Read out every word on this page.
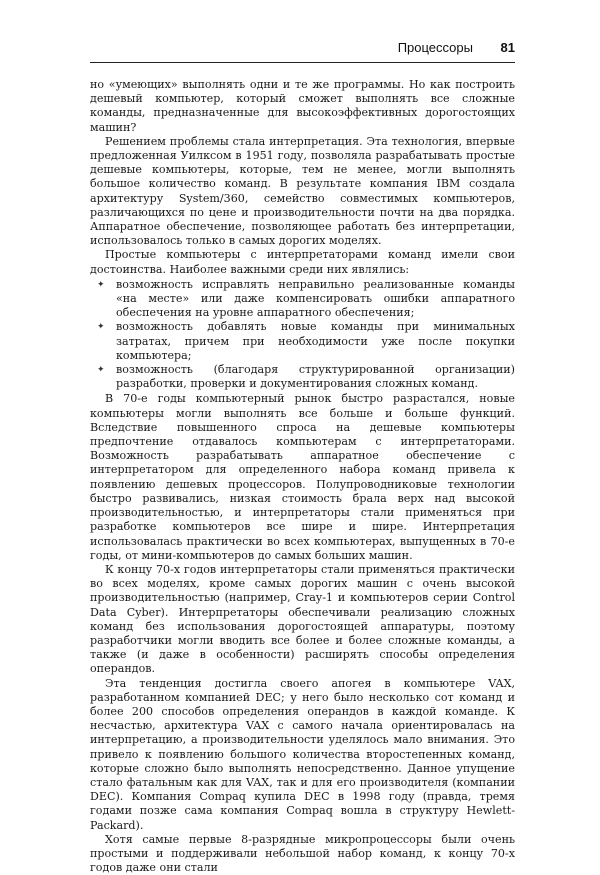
Процессоры 81

но «умеющих» выполнять одни и те же программы. Но как построить дешевый компьютер, который сможет выполнять все сложные команды, предназначенные для высокоэффективных дорогостоящих машин?

Решением проблемы стала интерпретация. Эта технология, впервые предложенная Уилксом в 1951 году, позволяла разрабатывать простые дешевые компьютеры, которые, тем не менее, могли выполнять большое количество команд. В результате компания IBM создала архитектуру System/360, семейство совместимых компьютеров, различающихся по цене и производительности почти на два порядка. Аппаратное обеспечение, позволяющее работать без интерпретации, использовалось только в самых дорогих моделях.

Простые компьютеры с интерпретаторами команд имели свои достоинства. Наиболее важными среди них являлись:

✦ возможность исправлять неправильно реализованные команды «на месте» или даже компенсировать ошибки аппаратного обеспечения на уровне аппаратного обеспечения;
✦ возможность добавлять новые команды при минимальных затратах, причем при необходимости уже после покупки компьютера;
✦ возможность (благодаря структурированной организации) разработки, проверки и документирования сложных команд.

В 70-е годы компьютерный рынок быстро разрастался, новые компьютеры могли выполнять все больше и больше функций. Вследствие повышенного спроса на дешевые компьютеры предпочтение отдавалось компьютерам с интерпретаторами. Возможность разрабатывать аппаратное обеспечение с интерпретатором для определенного набора команд привела к появлению дешевых процессоров. Полупроводниковые технологии быстро развивались, низкая стоимость брала верх над высокой производительностью, и интерпретаторы стали применяться при разработке компьютеров все шире и шире. Интерпретация использовалась практически во всех компьютерах, выпущенных в 70-е годы, от мини-компьютеров до самых больших машин.

К концу 70-х годов интерпретаторы стали применяться практически во всех моделях, кроме самых дорогих машин с очень высокой производительностью (например, Cray-1 и компьютеров серии Control Data Cyber). Интерпретаторы обеспечивали реализацию сложных команд без использования дорогостоящей аппаратуры, поэтому разработчики могли вводить все более и более сложные команды, а также (и даже в особенности) расширять способы определения операндов.

Эта тенденция достигла своего апогея в компьютере VAX, разработанном компанией DEC; у него было несколько сот команд и более 200 способов определения операндов в каждой команде. К несчастью, архитектура VAX с самого начала ориентировалась на интерпретацию, а производительности уделялось мало внимания. Это привело к появлению большого количества второстепенных команд, которые сложно было выполнять непосредственно. Данное упущение стало фатальным как для VAX, так и для его производителя (компании DEC). Компания Compaq купила DEC в 1998 году (правда, тремя годами позже сама компания Compaq вошла в структуру Hewlett-Packard).

Хотя самые первые 8-разрядные микропроцессоры были очень простыми и поддерживали небольшой набор команд, к концу 70-х годов даже они стали
